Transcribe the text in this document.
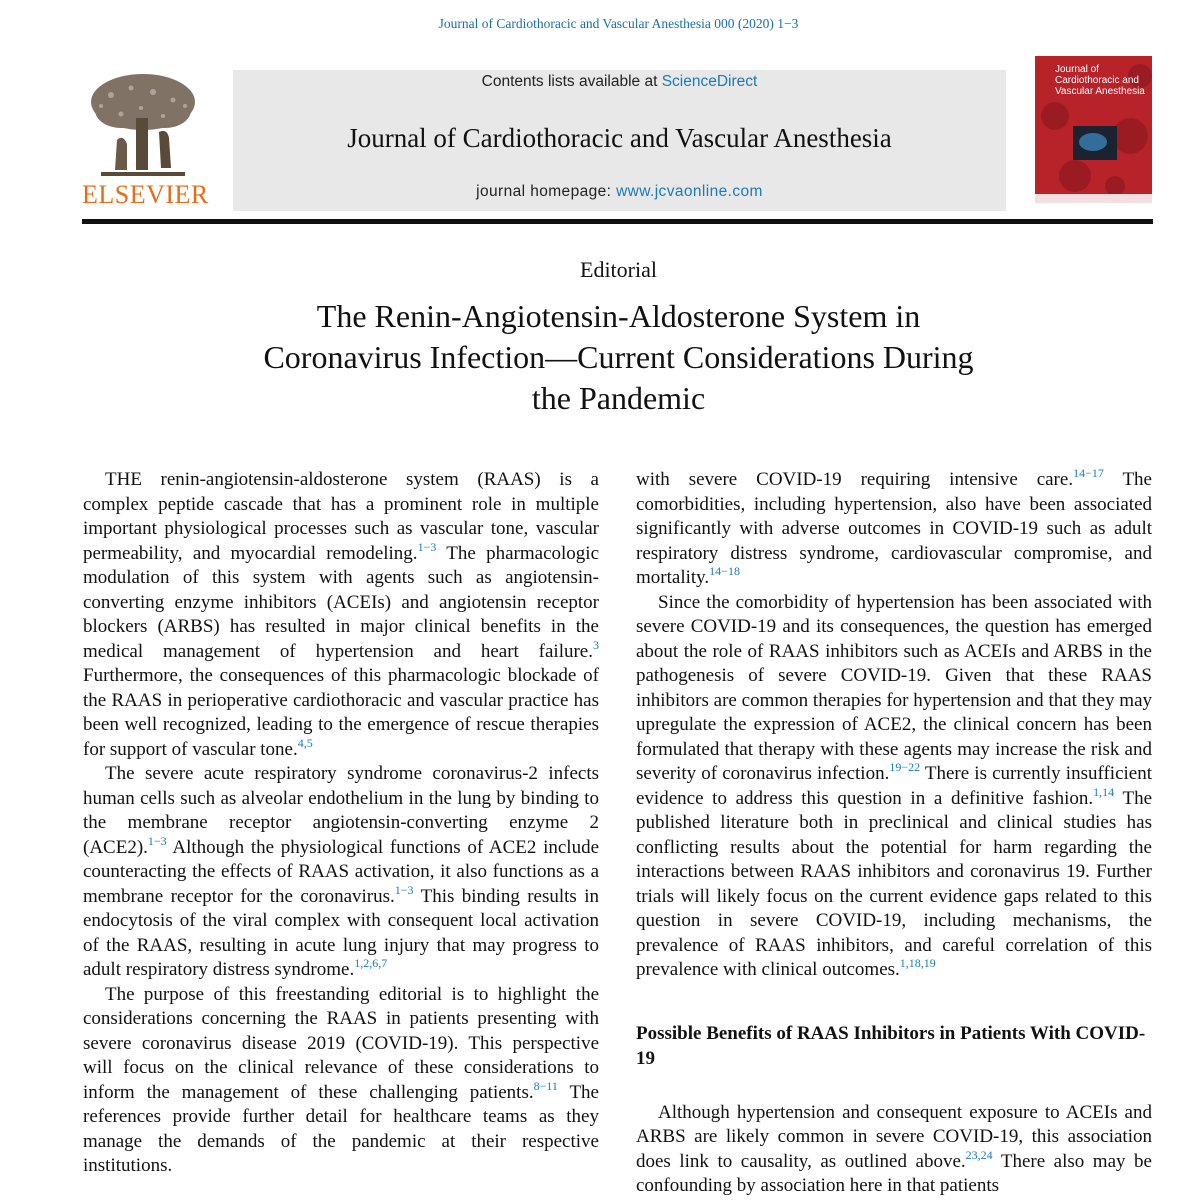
Journal of Cardiothoracic and Vascular Anesthesia 000 (2020) 1−3
ELSEVIER
Contents lists available at ScienceDirect
Journal of Cardiothoracic and Vascular Anesthesia
journal homepage: www.jcvaonline.com
Journal of Cardiothoracic and Vascular Anesthesia
Editorial
The Renin-Angiotensin-Aldosterone System in
Coronavirus Infection—Current Considerations During
the Pandemic

THE renin-angiotensin-aldosterone system (RAAS) is a complex peptide cascade that has a prominent role in multiple important physiological processes such as vascular tone, vascular permeability, and myocardial remodeling.$^{1-3}$ The pharmacologic modulation of this system with agents such as angiotensin-converting enzyme inhibitors (ACEIs) and angiotensin receptor blockers (ARBS) has resulted in major clinical benefits in the medical management of hypertension and heart failure.$^3$ Furthermore, the consequences of this pharmacologic blockade of the RAAS in perioperative cardiothoracic and vascular practice has been well recognized, leading to the emergence of rescue therapies for support of vascular tone.$^{4,5}$

The severe acute respiratory syndrome coronavirus-2 infects human cells such as alveolar endothelium in the lung by binding to the membrane receptor angiotensin-converting enzyme 2 (ACE2).$^{1-3}$ Although the physiological functions of ACE2 include counteracting the effects of RAAS activation, it also functions as a membrane receptor for the coronavirus.$^{1-3}$ This binding results in endocytosis of the viral complex with consequent local activation of the RAAS, resulting in acute lung injury that may progress to adult respiratory distress syndrome.$^{1,2,6,7}$

The purpose of this freestanding editorial is to highlight the considerations concerning the RAAS in patients presenting with severe coronavirus disease 2019 (COVID-19). This perspective will focus on the clinical relevance of these considerations to inform the management of these challenging patients.$^{8-11}$ The references provide further detail for healthcare teams as they manage the demands of the pandemic at their respective institutions.

with severe COVID-19 requiring intensive care.$^{14-17}$ The comorbidities, including hypertension, also have been associated significantly with adverse outcomes in COVID-19 such as adult respiratory distress syndrome, cardiovascular compromise, and mortality.$^{14-18}$

Since the comorbidity of hypertension has been associated with severe COVID-19 and its consequences, the question has emerged about the role of RAAS inhibitors such as ACEIs and ARBS in the pathogenesis of severe COVID-19. Given that these RAAS inhibitors are common therapies for hypertension and that they may upregulate the expression of ACE2, the clinical concern has been formulated that therapy with these agents may increase the risk and severity of coronavirus infection.$^{19-22}$ There is currently insufficient evidence to address this question in a definitive fashion.$^{1,14}$ The published literature both in preclinical and clinical studies has conflicting results about the potential for harm regarding the interactions between RAAS inhibitors and coronavirus 19. Further trials will likely focus on the current evidence gaps related to this question in severe COVID-19, including mechanisms, the prevalence of RAAS inhibitors, and careful correlation of this prevalence with clinical outcomes.$^{1,18,19}$

Possible Benefits of RAAS Inhibitors in Patients With COVID-19

Although hypertension and consequent exposure to ACEIs and ARBS are likely common in severe COVID-19, this association does link to causality, as outlined above.$^{23,24}$ There also may be confounding by association here in that patients
